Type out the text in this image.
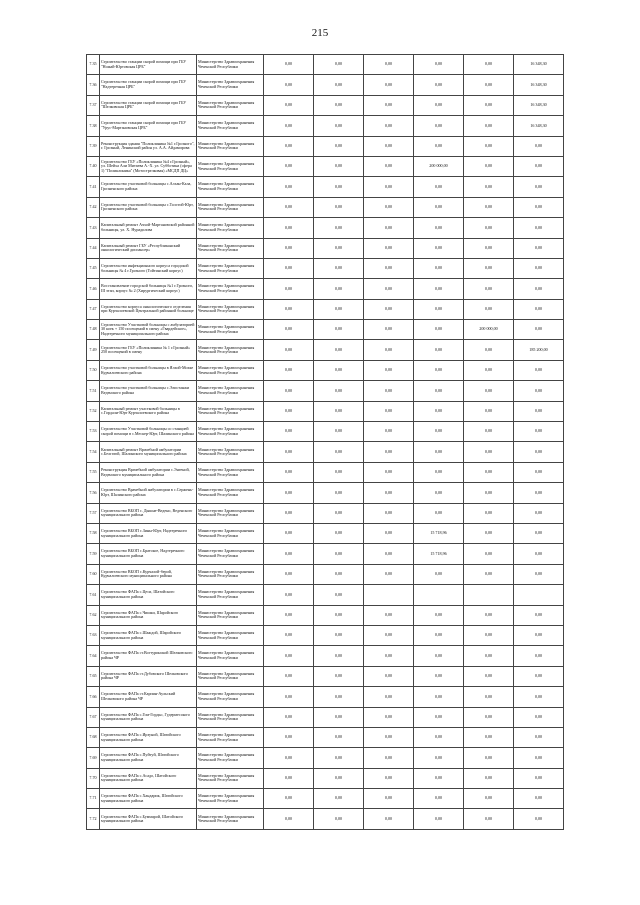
215
7.35	Строительство станции скорой помощи при ГБУ "Ножай-Юртовская ЦРБ"	Министерство Здравоохранения Чеченской Республики	0,00	0,00	0,00	0,00	0,00	16 348,30
7.36	Строительство станции скорой помощи при ГБУ "Надтеречная ЦРБ"	Министерство Здравоохранения Чеченской Республики	0,00	0,00	0,00	0,00	0,00	16 348,30
7.37	Строительство станции скорой помощи при ГБУ "Шелковская ЦРБ"	Министерство Здравоохранения Чеченской Республики	0,00	0,00	0,00	0,00	0,00	16 348,30
7.38	Строительство станции скорой помощи при ГБУ "Урус-Мартановская ЦРБ"	Министерство Здравоохранения Чеченской Республики	0,00	0,00	0,00	0,00	0,00	16 348,30
7.39	Реконструкция здания "Поликлиника №1 г.Грозного", г. Грозный, Ленинский район ул. А.А. Айдамирова	Министерство Здравоохранения Чеченской Республики	0,00	0,00	0,00	0,00	0,00	0,00
7.40	Строительство ГБУ «Поликлиника №4 г.Грозный», ул. Шейха Али Митаева А.-Х. ул. Субботина (сфера 1) "Поликлиника" (Мотострелковая) «МСДП ДЦ»	Министерство Здравоохранения Чеченской Республики	0,00	0,00	0,00	200 000,00	0,00	0,00
7.41	Строительство участковой больницы с.Алхан-Кала, Грозненского района	Министерство Здравоохранения Чеченской Республики	0,00	0,00	0,00	0,00	0,00	0,00
7.42	Строительство участковой больницы с.Толстой-Юрт, Грозненского района	Министерство Здравоохранения Чеченской Республики	0,00	0,00	0,00	0,00	0,00	0,00
7.43	Капитальный ремонт Ачхой-Мартановской районной больницы, ул. Х. Нурадилова	Министерство Здравоохранения Чеченской Республики	0,00	0,00	0,00	0,00	0,00	0,00
7.44	Капитальный ремонт ГБУ «Республиканский онкологический диспансер»	Министерство Здравоохранения Чеченской Республики	0,00	0,00	0,00	0,00	0,00	0,00
7.45	Строительство инфекционного корпуса городской больницы № 4 г.Грозного (Гойтинский корпус)	Министерство Здравоохранения Чеченской Республики	0,00	0,00	0,00	0,00	0,00	0,00
7.46	Восстановление городской больницы №1 г.Грозного, III этап, корпус № 2 (Хирургический корпус)	Министерство Здравоохранения Чеченской Республики	0,00	0,00	0,00	0,00	0,00	0,00
7.47	Строительство корпуса онкологического отделения при Курчалоевской Центральной районной больнице	Министерство Здравоохранения Чеченской Республики	0,00	0,00	0,00	0,00	0,00	0,00
7.48	Строительство Участковой больницы с амбулаторией 30 коек + 150 посещений в смену «Гвардейское», Надтеречного муниципального района	Министерство Здравоохранения Чеченской Республики	0,00	0,00	0,00	0,00	200 000,00	0,00
7.49	Строительство ГБУ «Поликлиника № 1 г.Грозный» 250 посещений в смену	Министерство Здравоохранения Чеченской Республики	0,00	0,00	0,00	0,00	0,00	185 200,00
7.50	Строительство участковой больницы в Ялхой-Мохке Курчалоевского района	Министерство Здравоохранения Чеченской Республики	0,00	0,00	0,00	0,00	0,00	0,00
7.51	Строительство участковой больницы с.Элистанжи Веденского района	Министерство Здравоохранения Чеченской Республики	0,00	0,00	0,00	0,00	0,00	0,00
7.52	Капитальный ремонт участковой больницы в с.Гордали-Юрт Курчалоевского района	Министерство Здравоохранения Чеченской Республики	0,00	0,00	0,00	0,00	0,00	0,00
7.53	Строительство Участковой больницы со станцией скорой помощи в с.Мескер-Юрт, Шалинского района	Министерство Здравоохранения Чеченской Республики	0,00	0,00	0,00	0,00	0,00	0,00
7.54	Капитальный ремонт Врачебной амбулатории с.Белгатой, Шалинского муниципального района	Министерство Здравоохранения Чеченской Республики	0,00	0,00	0,00	0,00	0,00	0,00
7.55	Реконструкция Врачебной амбулатории с.Энгеной, Веденского муниципального района	Министерство Здравоохранения Чеченской Республики	0,00	0,00	0,00	0,00	0,00	0,00
7.56	Строительство Врачебной амбулатории в с.Сержень-Юрт, Шалинского района	Министерство Здравоохранения Чеченской Республики	0,00	0,00	0,00	0,00	0,00	0,00
7.57	Строительство ВБОП с. Дышне-Ведено, Веденского муниципального района	Министерство Здравоохранения Чеченской Республики	0,00	0,00	0,00	0,00	0,00	0,00
7.58	Строительство ВБОП с.Зины-Юрт, Надтеречного муниципального района	Министерство Здравоохранения Чеченской Республики	0,00	0,00	0,00	15 718,96	0,00	0,00
7.59	Строительство ВБОП с.Братское, Надтеречного муниципального района	Министерство Здравоохранения Чеченской Республики	0,00	0,00	0,00	15 718,96	0,00	0,00
7.60	Строительство ВБОП с.Курчалой-берой, Курчалоевского муниципального района	Министерство Здравоохранения Чеченской Республики	0,00	0,00	0,00	0,00	0,00	0,00
7.61	Строительство ФАПа с.Цеси, Шатойского муниципального района	Министерство Здравоохранения Чеченской Республики	0,00	0,00				
7.62	Строительство ФАПа с.Чишки, Шаройского муниципального района	Министерство Здравоохранения Чеченской Республики	0,00	0,00	0,00	0,00	0,00	0,00
7.63	Строительство ФАПа с.Шаждой, Шаройского муниципального района	Министерство Здравоохранения Чеченской Республики	0,00	0,00	0,00	0,00	0,00	0,00
7.64	Строительство ФАПа ст.Вогтуринской Шелковского района ЧР	Министерство Здравоохранения Чеченской Республики	0,00	0,00	0,00	0,00	0,00	0,00
7.65	Строительство ФАПа ст.Дубовского Шелковского района ЧР	Министерство Здравоохранения Чеченской Республики	0,00	0,00	0,00	0,00	0,00	0,00
7.66	Строительство ФАПа ст.Карпин-Аульский Шелковского района ЧР	Министерство Здравоохранения Чеченской Республики	0,00	0,00	0,00	0,00	0,00	0,00
7.67	Строительство ФАПа с.Гом-Гордьо, Гудермесского муниципального района	Министерство Здравоохранения Чеченской Республики	0,00	0,00	0,00	0,00	0,00	0,00
7.68	Строительство ФАПа с.Ирзуной, Шатойского муниципального района	Министерство Здравоохранения Чеченской Республики	0,00	0,00	0,00	0,00	0,00	0,00
7.69	Строительство ФАПа с.Пуйтуй, Шатойского муниципального района	Министерство Здравоохранения Чеченской Республики	0,00	0,00	0,00	0,00	0,00	0,00
7.70	Строительство ФАПа с.Асадо, Шатойского муниципального района	Министерство Здравоохранения Чеченской Республики	0,00	0,00	0,00	0,00	0,00	0,00
7.71	Строительство ФАПа с.Хандарик, Шатойского муниципального района	Министерство Здравоохранения Чеченской Республики	0,00	0,00	0,00	0,00	0,00	0,00
7.72	Строительство ФАПа с.Буммарой, Шатойского муниципального района	Министерство Здравоохранения Чеченской Республики	0,00	0,00	0,00	0,00	0,00	0,00
